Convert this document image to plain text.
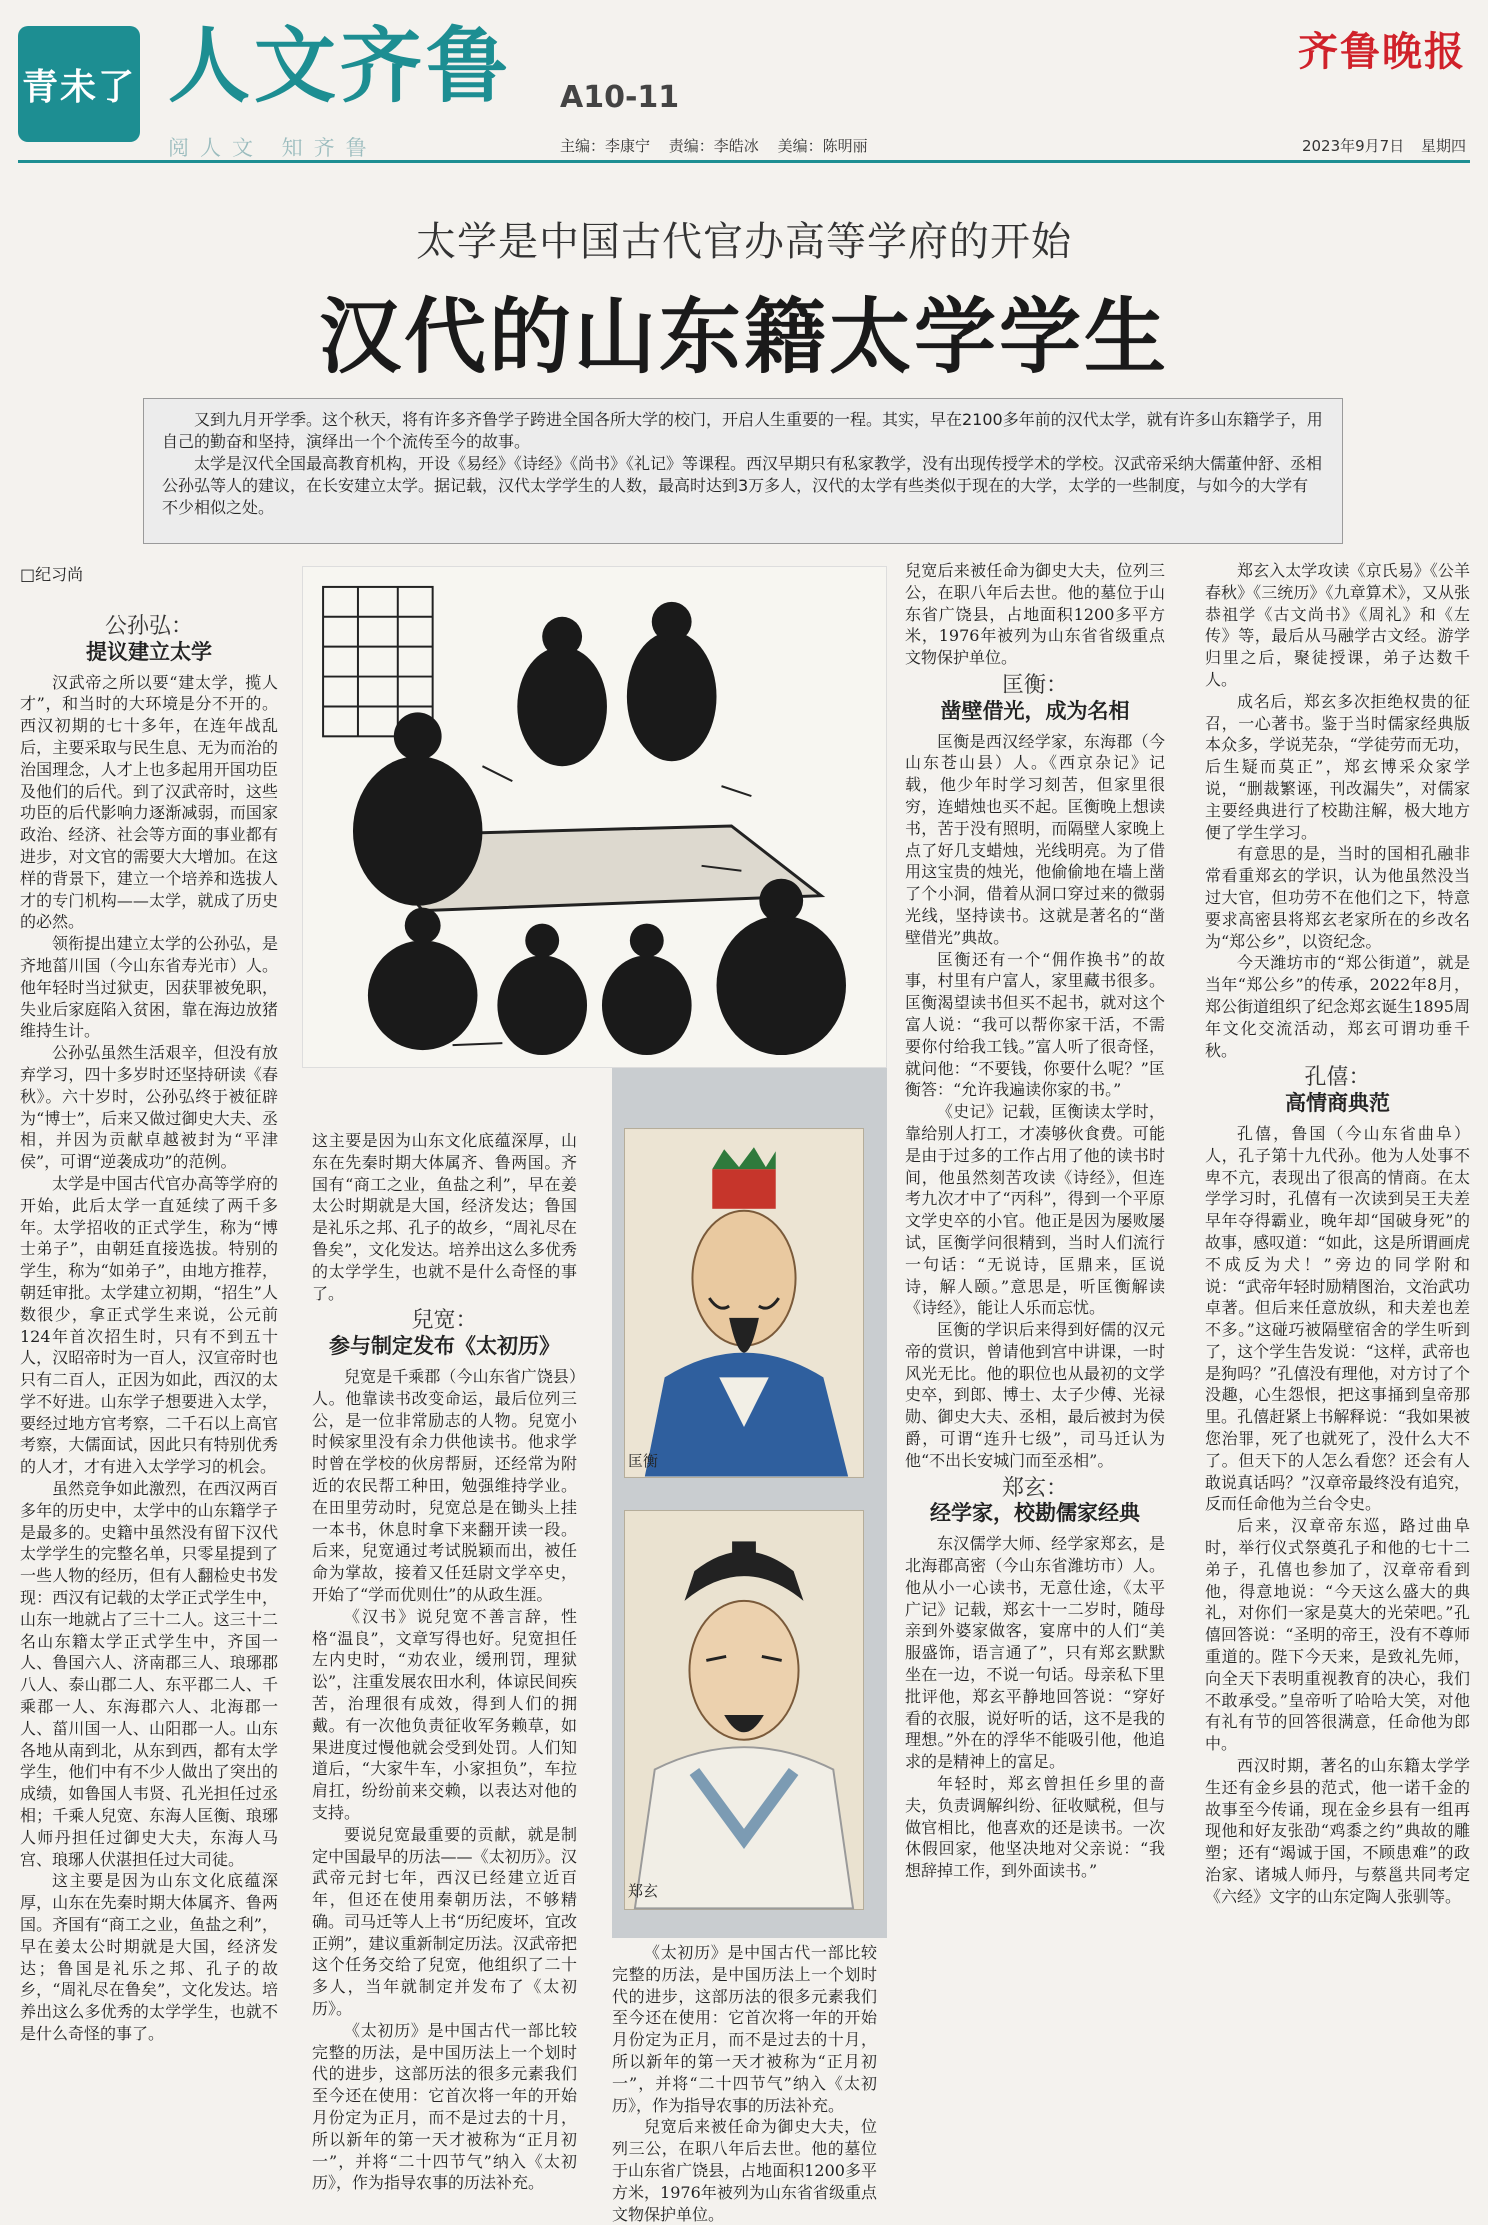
青未了 人文齐鲁 A10-11
齐鲁晚报
阅人文 知齐鲁	主编：李康宁 责编：李皓冰 美编：陈明丽	2023年9月7日 星期四
太学是中国古代官办高等学府的开始
汉代的山东籍太学学生

又到九月开学季。这个秋天，将有许多齐鲁学子跨进全国各所大学的校门，开启人生重要的一程。其实，早在2100多年前的汉代太学，就有许多山东籍学子，用自己的勤奋和坚持，演绎出一个个流传至今的故事。

太学是汉代全国最高教育机构，开设《易经》《诗经》《尚书》《礼记》等课程。西汉早期只有私家教学，没有出现传授学术的学校。汉武帝采纳大儒董仲舒、丞相公孙弘等人的建议，在长安建立太学。据记载，汉代太学学生的人数，最高时达到3万多人，汉代的太学有些类似于现在的大学，太学的一些制度，与如今的大学有不少相似之处。

□纪习尚
公孙弘：
提议建立太学

汉武帝之所以要“建太学，揽人才”，和当时的大环境是分不开的。西汉初期的七十多年，在连年战乱后，主要采取与民生息、无为而治的治国理念，人才上也多起用开国功臣及他们的后代。到了汉武帝时，这些功臣的后代影响力逐渐减弱，而国家政治、经济、社会等方面的事业都有进步，对文官的需要大大增加。在这样的背景下，建立一个培养和选拔人才的专门机构——太学，就成了历史的必然。

领衔提出建立太学的公孙弘，是齐地菑川国（今山东省寿光市）人。他年轻时当过狱吏，因获罪被免职，失业后家庭陷入贫困，靠在海边放猪维持生计。

公孙弘虽然生活艰辛，但没有放弃学习，四十多岁时还坚持研读《春秋》。六十岁时，公孙弘终于被征辟为“博士”，后来又做过御史大夫、丞相，并因为贡献卓越被封为“平津侯”，可谓“逆袭成功”的范例。

太学是中国古代官办高等学府的开始，此后太学一直延续了两千多年。太学招收的正式学生，称为“博士弟子”，由朝廷直接选拔。特别的学生，称为“如弟子”，由地方推荐，朝廷审批。太学建立初期，“招生”人数很少，拿正式学生来说，公元前124年首次招生时，只有不到五十人，汉昭帝时为一百人，汉宣帝时也只有二百人，正因为如此，西汉的太学不好进。山东学子想要进入太学，要经过地方官考察，二千石以上高官考察，大儒面试，因此只有特别优秀的人才，才有进入太学学习的机会。

虽然竞争如此激烈，在西汉两百多年的历史中，太学中的山东籍学子是最多的。史籍中虽然没有留下汉代太学学生的完整名单，只零星提到了一些人物的经历，但有人翻检史书发现：西汉有记载的太学正式学生中，山东一地就占了三十二人。这三十二名山东籍太学正式学生中，齐国一人、鲁国六人、济南郡三人、琅琊郡八人、泰山郡二人、东平郡二人、千乘郡一人、东海郡六人、北海郡一人、菑川国一人、山阳郡一人。山东各地从南到北，从东到西，都有太学学生，他们中有不少人做出了突出的成绩，如鲁国人韦贤、孔光担任过丞相；千乘人兒宽、东海人匡衡、琅琊人师丹担任过御史大夫，东海人马宫、琅琊人伏湛担任过大司徒。

这主要是因为山东文化底蕴深厚，山东在先秦时期大体属齐、鲁两国。齐国有“商工之业，鱼盐之利”，早在姜太公时期就是大国，经济发达；鲁国是礼乐之邦、孔子的故乡，“周礼尽在鲁矣”，文化发达。培养出这么多优秀的太学学生，也就不是什么奇怪的事了。

这主要是因为山东文化底蕴深厚，山东在先秦时期大体属齐、鲁两国。齐国有“商工之业，鱼盐之利”，早在姜太公时期就是大国，经济发达；鲁国是礼乐之邦、孔子的故乡，“周礼尽在鲁矣”，文化发达。培养出这么多优秀的太学学生，也就不是什么奇怪的事了。

兒宽：
参与制定发布《太初历》

兒宽是千乘郡（今山东省广饶县）人。他靠读书改变命运，最后位列三公，是一位非常励志的人物。兒宽小时候家里没有余力供他读书。他求学时曾在学校的伙房帮厨，还经常为附近的农民帮工种田，勉强维持学业。在田里劳动时，兒宽总是在锄头上挂一本书，休息时拿下来翻开读一段。后来，兒宽通过考试脱颖而出，被任命为掌故，接着又任廷尉文学卒史，开始了“学而优则仕”的从政生涯。

《汉书》说兒宽不善言辞，性格“温良”，文章写得也好。兒宽担任左内史时，“劝农业，缓刑罚，理狱讼”，注重发展农田水利，体谅民间疾苦，治理很有成效，得到人们的拥戴。有一次他负责征收军务赖草，如果进度过慢他就会受到处罚。人们知道后，“大家牛车，小家担负”，车拉肩扛，纷纷前来交赖，以表达对他的支持。

要说兒宽最重要的贡献，就是制定中国最早的历法——《太初历》。汉武帝元封七年，西汉已经建立近百年，但还在使用秦朝历法，不够精确。司马迁等人上书“历纪废坏，宜改正朔”，建议重新制定历法。汉武帝把这个任务交给了兒宽，他组织了二十多人，当年就制定并发布了《太初历》。

《太初历》是中国古代一部比较完整的历法，是中国历法上一个划时代的进步，这部历法的很多元素我们至今还在使用：它首次将一年的开始月份定为正月，而不是过去的十月，所以新年的第一天才被称为“正月初一”，并将“二十四节气”纳入《太初历》，作为指导农事的历法补充。

匡衡
郑玄

《太初历》是中国古代一部比较完整的历法，是中国历法上一个划时代的进步，这部历法的很多元素我们至今还在使用：它首次将一年的开始月份定为正月，而不是过去的十月，所以新年的第一天才被称为“正月初一”，并将“二十四节气”纳入《太初历》，作为指导农事的历法补充。

兒宽后来被任命为御史大夫，位列三公，在职八年后去世。他的墓位于山东省广饶县，占地面积1200多平方米，1976年被列为山东省省级重点文物保护单位。

兒宽后来被任命为御史大夫，位列三公，在职八年后去世。他的墓位于山东省广饶县，占地面积1200多平方米，1976年被列为山东省省级重点文物保护单位。

匡衡：
凿壁借光，成为名相

匡衡是西汉经学家，东海郡（今山东苍山县）人。《西京杂记》记载，他少年时学习刻苦，但家里很穷，连蜡烛也买不起。匡衡晚上想读书，苦于没有照明，而隔壁人家晚上点了好几支蜡烛，光线明亮。为了借用这宝贵的烛光，他偷偷地在墙上凿了个小洞，借着从洞口穿过来的微弱光线，坚持读书。这就是著名的“凿壁借光”典故。

匡衡还有一个“佣作换书”的故事，村里有户富人，家里藏书很多。匡衡渴望读书但买不起书，就对这个富人说：“我可以帮你家干活，不需要你付给我工钱。”富人听了很奇怪，就问他：“不要钱，你要什么呢？”匡衡答：“允许我遍读你家的书。”

《史记》记载，匡衡读太学时，靠给别人打工，才凑够伙食费。可能是由于过多的工作占用了他的读书时间，他虽然刻苦攻读《诗经》，但连考九次才中了“丙科”，得到一个平原文学史卒的小官。他正是因为屡败屡试，匡衡学问很精到，当时人们流行一句话：“无说诗，匡鼎来，匡说诗，解人颐。”意思是，听匡衡解读《诗经》，能让人乐而忘忧。

匡衡的学识后来得到好儒的汉元帝的赏识，曾请他到宫中讲课，一时风光无比。他的职位也从最初的文学史卒，到郎、博士、太子少傅、光禄勋、御史大夫、丞相，最后被封为侯爵，可谓“连升七级”，司马迁认为他“不出长安城门而至丞相”。

郑玄：
经学家，校勘儒家经典

东汉儒学大师、经学家郑玄，是北海郡高密（今山东省潍坊市）人。他从小一心读书，无意仕途，《太平广记》记载，郑玄十一二岁时，随母亲到外婆家做客，宴席中的人们“美服盛饰，语言通了”，只有郑玄默默坐在一边，不说一句话。母亲私下里批评他，郑玄平静地回答说：“穿好看的衣服，说好听的话，这不是我的理想。”外在的浮华不能吸引他，他追求的是精神上的富足。

年轻时，郑玄曾担任乡里的啬夫，负责调解纠纷、征收赋税，但与做官相比，他喜欢的还是读书。一次休假回家，他坚决地对父亲说：“我想辞掉工作，到外面读书。”

郑玄入太学攻读《京氏易》《公羊春秋》《三统历》《九章算术》，又从张恭祖学《古文尚书》《周礼》和《左传》等，最后从马融学古文经。游学归里之后，聚徒授课，弟子达数千人。

成名后，郑玄多次拒绝权贵的征召，一心著书。鉴于当时儒家经典版本众多，学说芜杂，“学徒劳而无功，后生疑而莫正”，郑玄博采众家学说，“删裁繁诬，刊改漏失”，对儒家主要经典进行了校勘注解，极大地方便了学生学习。

有意思的是，当时的国相孔融非常看重郑玄的学识，认为他虽然没当过大官，但功劳不在他们之下，特意要求高密县将郑玄老家所在的乡改名为“郑公乡”，以资纪念。

今天潍坊市的“郑公街道”，就是当年“郑公乡”的传承，2022年8月，郑公街道组织了纪念郑玄诞生1895周年文化交流活动，郑玄可谓功垂千秋。

孔僖：
高情商典范

孔僖，鲁国（今山东省曲阜）人，孔子第十九代孙。他为人处事不卑不亢，表现出了很高的情商。在太学学习时，孔僖有一次读到吴王夫差早年夺得霸业，晚年却“国破身死”的故事，感叹道：“如此，这是所谓画虎不成反为犬！”旁边的同学附和说：“武帝年轻时励精图治，文治武功卓著。但后来任意放纵，和夫差也差不多。”这碰巧被隔壁宿舍的学生听到了，这个学生告发说：“这样，武帝也是狗吗？”孔僖没有理他，对方讨了个没趣，心生怨恨，把这事捅到皇帝那里。孔僖赶紧上书解释说：“我如果被您治罪，死了也就死了，没什么大不了。但天下的人怎么看您？还会有人敢说真话吗？”汉章帝最终没有追究，反而任命他为兰台令史。

后来，汉章帝东巡，路过曲阜时，举行仪式祭奠孔子和他的七十二弟子，孔僖也参加了，汉章帝看到他，得意地说：“今天这么盛大的典礼，对你们一家是莫大的光荣吧。”孔僖回答说：“圣明的帝王，没有不尊师重道的。陛下今天来，是致礼先师，向全天下表明重视教育的决心，我们不敢承受。”皇帝听了哈哈大笑，对他有礼有节的回答很满意，任命他为郎中。

西汉时期，著名的山东籍太学学生还有金乡县的范式，他一诺千金的故事至今传诵，现在金乡县有一组再现他和好友张劭“鸡黍之约”典故的雕塑；还有“竭诚于国，不顾患难”的政治家、诸城人师丹，与蔡邕共同考定《六经》文字的山东定陶人张驯等。
